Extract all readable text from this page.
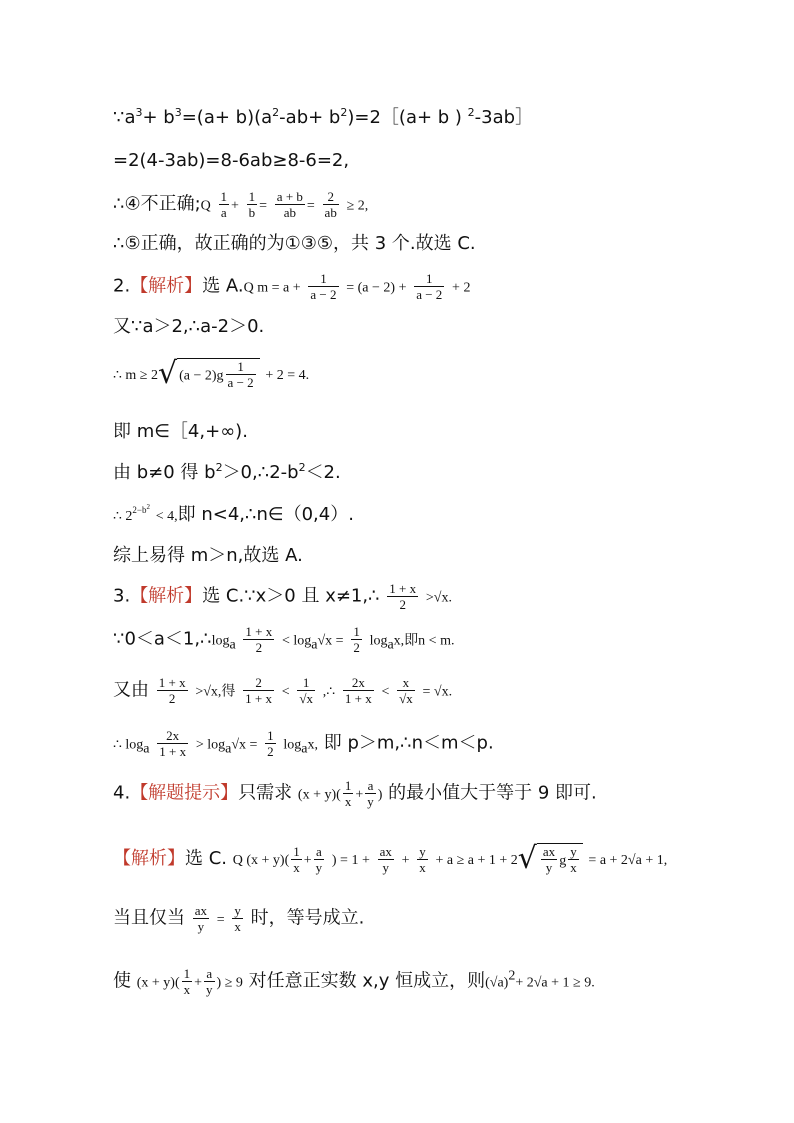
$\because a^3+ b^3=(a+ b)(a^2-ab+$ $b^2)=2[(a+ b$ ) $^2$-3ab］
=2(4-3ab)=8-6ab≥8-6=2,
∴④不正确;Q $\frac{1}{a} + \frac{1}{b} = \frac{a + b}{ab} = \frac{2}{ab} \ge 2$,
∴⑤正确，故正确的为①③⑤，共 3 个.故选 C.
2.【解析】选 A.Q $m = a + \frac{1}{a - 2} = (a - 2) + \frac{1}{a - 2} + 2$
又∵a＞2,∴a-2＞0.
∴ m ≥ 2√ $(a - 2)g \frac{1}{a - 2} + 2 = 4$.
即 m∈［4,+∞).
由 b≠0 得 $b^2>0,\therefore 2-b^2<2$.
∴ $2^{2-b2} < 4$,即 n<4,∴n∈（0,4）.
综上易得 m＞n,故选 A.
3.【解析】选 C.∵x＞0 且 x≠1,∴ $\frac{1 + x}{2} >√x$.
$\because 0<a<1,\therefore\log_a \frac{1 + x}{2} < \log_a√x = \frac{1}{2} \log_ax$,即n < m.
又由 $\frac{1 + x}{2} >√x$,得 $\frac{2}{1 + x} < \frac{1}{√x}$ ,∴ $\frac{2x}{1 + x} < \frac{x}{√x} = √x$.
∴ $\log_a \frac{2x}{1 + x} > \log_a√x = \frac{1}{2} \log_ax$, 即 p＞m,∴n＜m＜p.
4.【解题提示】只需求 $(x + y)( \frac{1}{x} + \frac{a}{y}$ ) 的最小值大于等于 9 即可.
【解析】选 C. Q $(x + y)( \frac{1}{x} + \frac{a}{y}$ ) = $1 + \frac{ax}{y} + \frac{y}{x} + a \ge a + 1 + 2√ \frac{ax}{y}$ g $\frac{y}{x} = a + 2√a + 1$,
当且仅当 $\frac{ax}{y} = \frac{y}{x}$ 时，等号成立.
使 $(x + y)( \frac{1}{x} + \frac{a}{y}$ ) ≥ 9 对任意正实数 x,y 恒成立，则$(√a)^2+ 2√a + 1 \ge 9$.
